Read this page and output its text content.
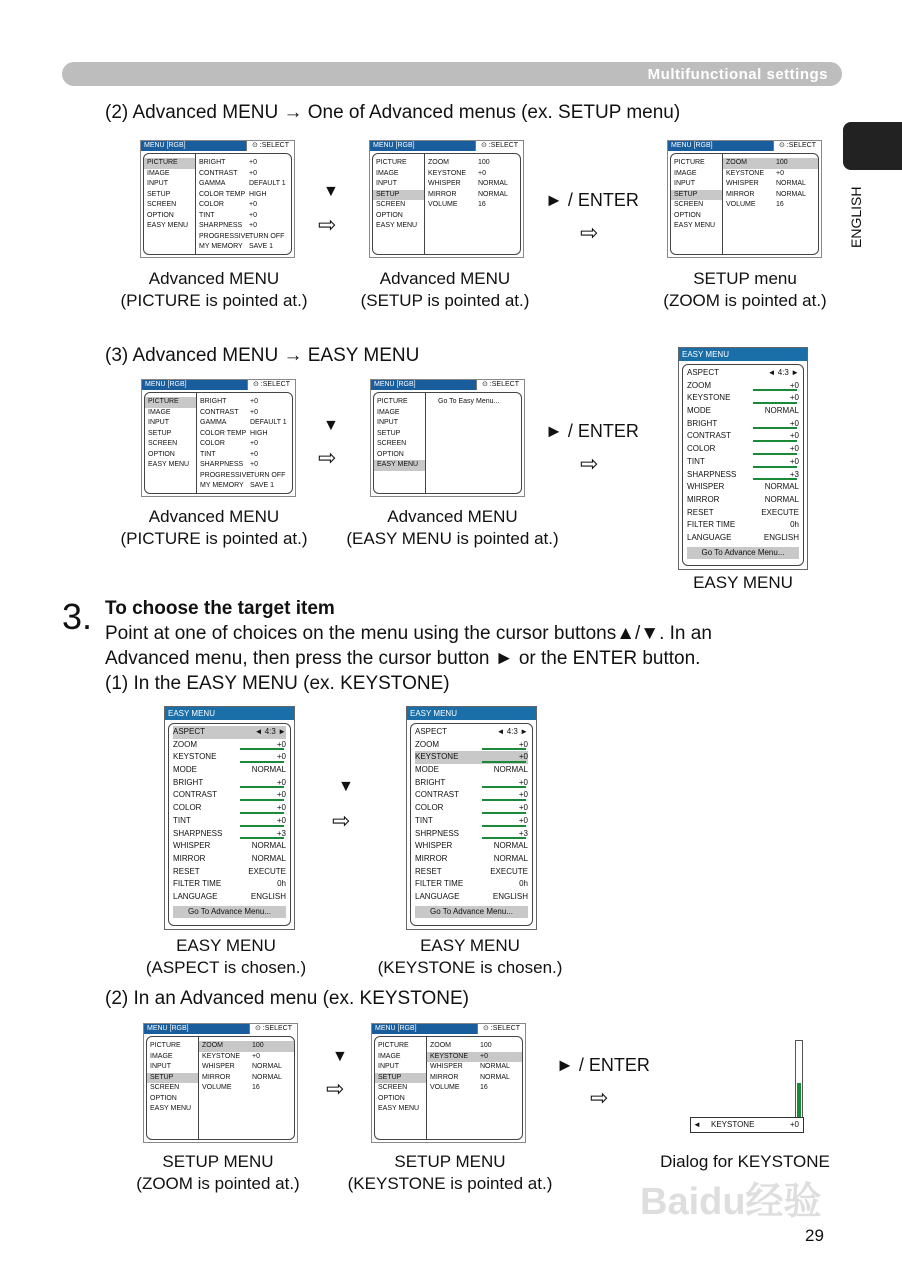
Multifunctional settings
ENGLISH
(2) Advanced MENU → One of Advanced menus (ex. SETUP menu)
(3) Advanced MENU → EASY MENU
3. To choose the target item
Point at one of choices on the menu using the cursor buttons▲/▼. In an
Advanced menu, then press the cursor button ► or the ENTER button.
(1) In the EASY MENU (ex. KEYSTONE)
(2) In an Advanced menu (ex. KEYSTONE)
MENU [RGB]	⊙ :SELECT
PICTURE
IMAGE
INPUT
SETUP
SCREEN
OPTION
EASY MENU
BRIGHT	+0
CONTRAST	+0
GAMMA	DEFAULT 1
COLOR TEMP HIGH
COLOR	+0
TINT	+0
SHARPNESS +0
PROGRESSIVE TURN OFF
MY MEMORY SAVE 1
MENU [RGB]	⊙ :SELECT
PICTURE
IMAGE
INPUT
SETUP
SCREEN
OPTION
EASY MENU
ZOOM	100
KEYSTONE	+0
WHISPER	NORMAL
MIRROR	NORMAL
VOLUME	16
MENU [RGB]	⊙ :SELECT
PICTURE
IMAGE
INPUT
SETUP
SCREEN
OPTION
EASY MENU
ZOOM	100
KEYSTONE	+0
WHISPER	NORMAL
MIRROR	NORMAL
VOLUME	16
▼
⇨
► / ENTER
⇨
Advanced MENU
(PICTURE is pointed at.)
Advanced MENU
(SETUP is pointed at.)
SETUP menu
(ZOOM is pointed at.)
MENU [RGB]	⊙ :SELECT
PICTURE
IMAGE
INPUT
SETUP
SCREEN
OPTION
EASY MENU
BRIGHT	+0
CONTRAST	+0
GAMMA	DEFAULT 1
COLOR TEMP HIGH
COLOR	+0
TINT	+0
SHARPNESS +0
PROGRESSIVE TURN OFF
MY MEMORY SAVE 1
MENU [RGB]	⊙ :SELECT
PICTURE
IMAGE
INPUT
SETUP
SCREEN
OPTION
EASY MENU
Go To Easy Menu...
EASY MENU
ASPECT	◄ 4:3 ►
ZOOM	+0
KEYSTONE	+0
MODE	NORMAL
BRIGHT	+0
CONTRAST	+0
COLOR	+0
TINT	+0
SHARPNESS	+3
WHISPER	NORMAL
MIRROR	NORMAL
RESET	EXECUTE
FILTER TIME	0h
LANGUAGE	ENGLISH
Go To Advance Menu...
▼
⇨
► / ENTER
⇨
Advanced MENU
(PICTURE is pointed at.)
Advanced MENU
(EASY MENU is pointed at.)
EASY MENU
EASY MENU
ASPECT	◄ 4:3 ►
ZOOM	+0
KEYSTONE	+0
MODE	NORMAL
BRIGHT	+0
CONTRAST	+0
COLOR	+0
TINT	+0
SHARPNESS	+3
WHISPER	NORMAL
MIRROR	NORMAL
RESET	EXECUTE
FILTER TIME	0h
LANGUAGE	ENGLISH
Go To Advance Menu...
EASY MENU
ASPECT	◄ 4:3 ►
ZOOM	+0
KEYSTONE	+0
MODE	NORMAL
BRIGHT	+0
CONTRAST	+0
COLOR	+0
TINT	+0
SHRPNESS	+3
WHISPER	NORMAL
MIRROR	NORMAL
RESET	EXECUTE
FILTER TIME	0h
LANGUAGE	ENGLISH
Go To Advance Menu...
▼
⇨
EASY MENU
(ASPECT is chosen.)
EASY MENU
(KEYSTONE is chosen.)
MENU [RGB]	⊙ :SELECT
PICTURE
IMAGE
INPUT
SETUP
SCREEN
OPTION
EASY MENU
ZOOM	100
KEYSTONE	+0
WHISPER	NORMAL
MIRROR	NORMAL
VOLUME	16
MENU [RGB]	⊙ :SELECT
PICTURE
IMAGE
INPUT
SETUP
SCREEN
OPTION
EASY MENU
ZOOM	100
KEYSTONE	+0
WHISPER	NORMAL
MIRROR	NORMAL
VOLUME	16
▼
⇨
► / ENTER
⇨
SETUP MENU
(ZOOM is pointed at.)
SETUP MENU
(KEYSTONE is pointed at.)
Dialog for KEYSTONE
◄ KEYSTONE	+0
Baidu经验
29
